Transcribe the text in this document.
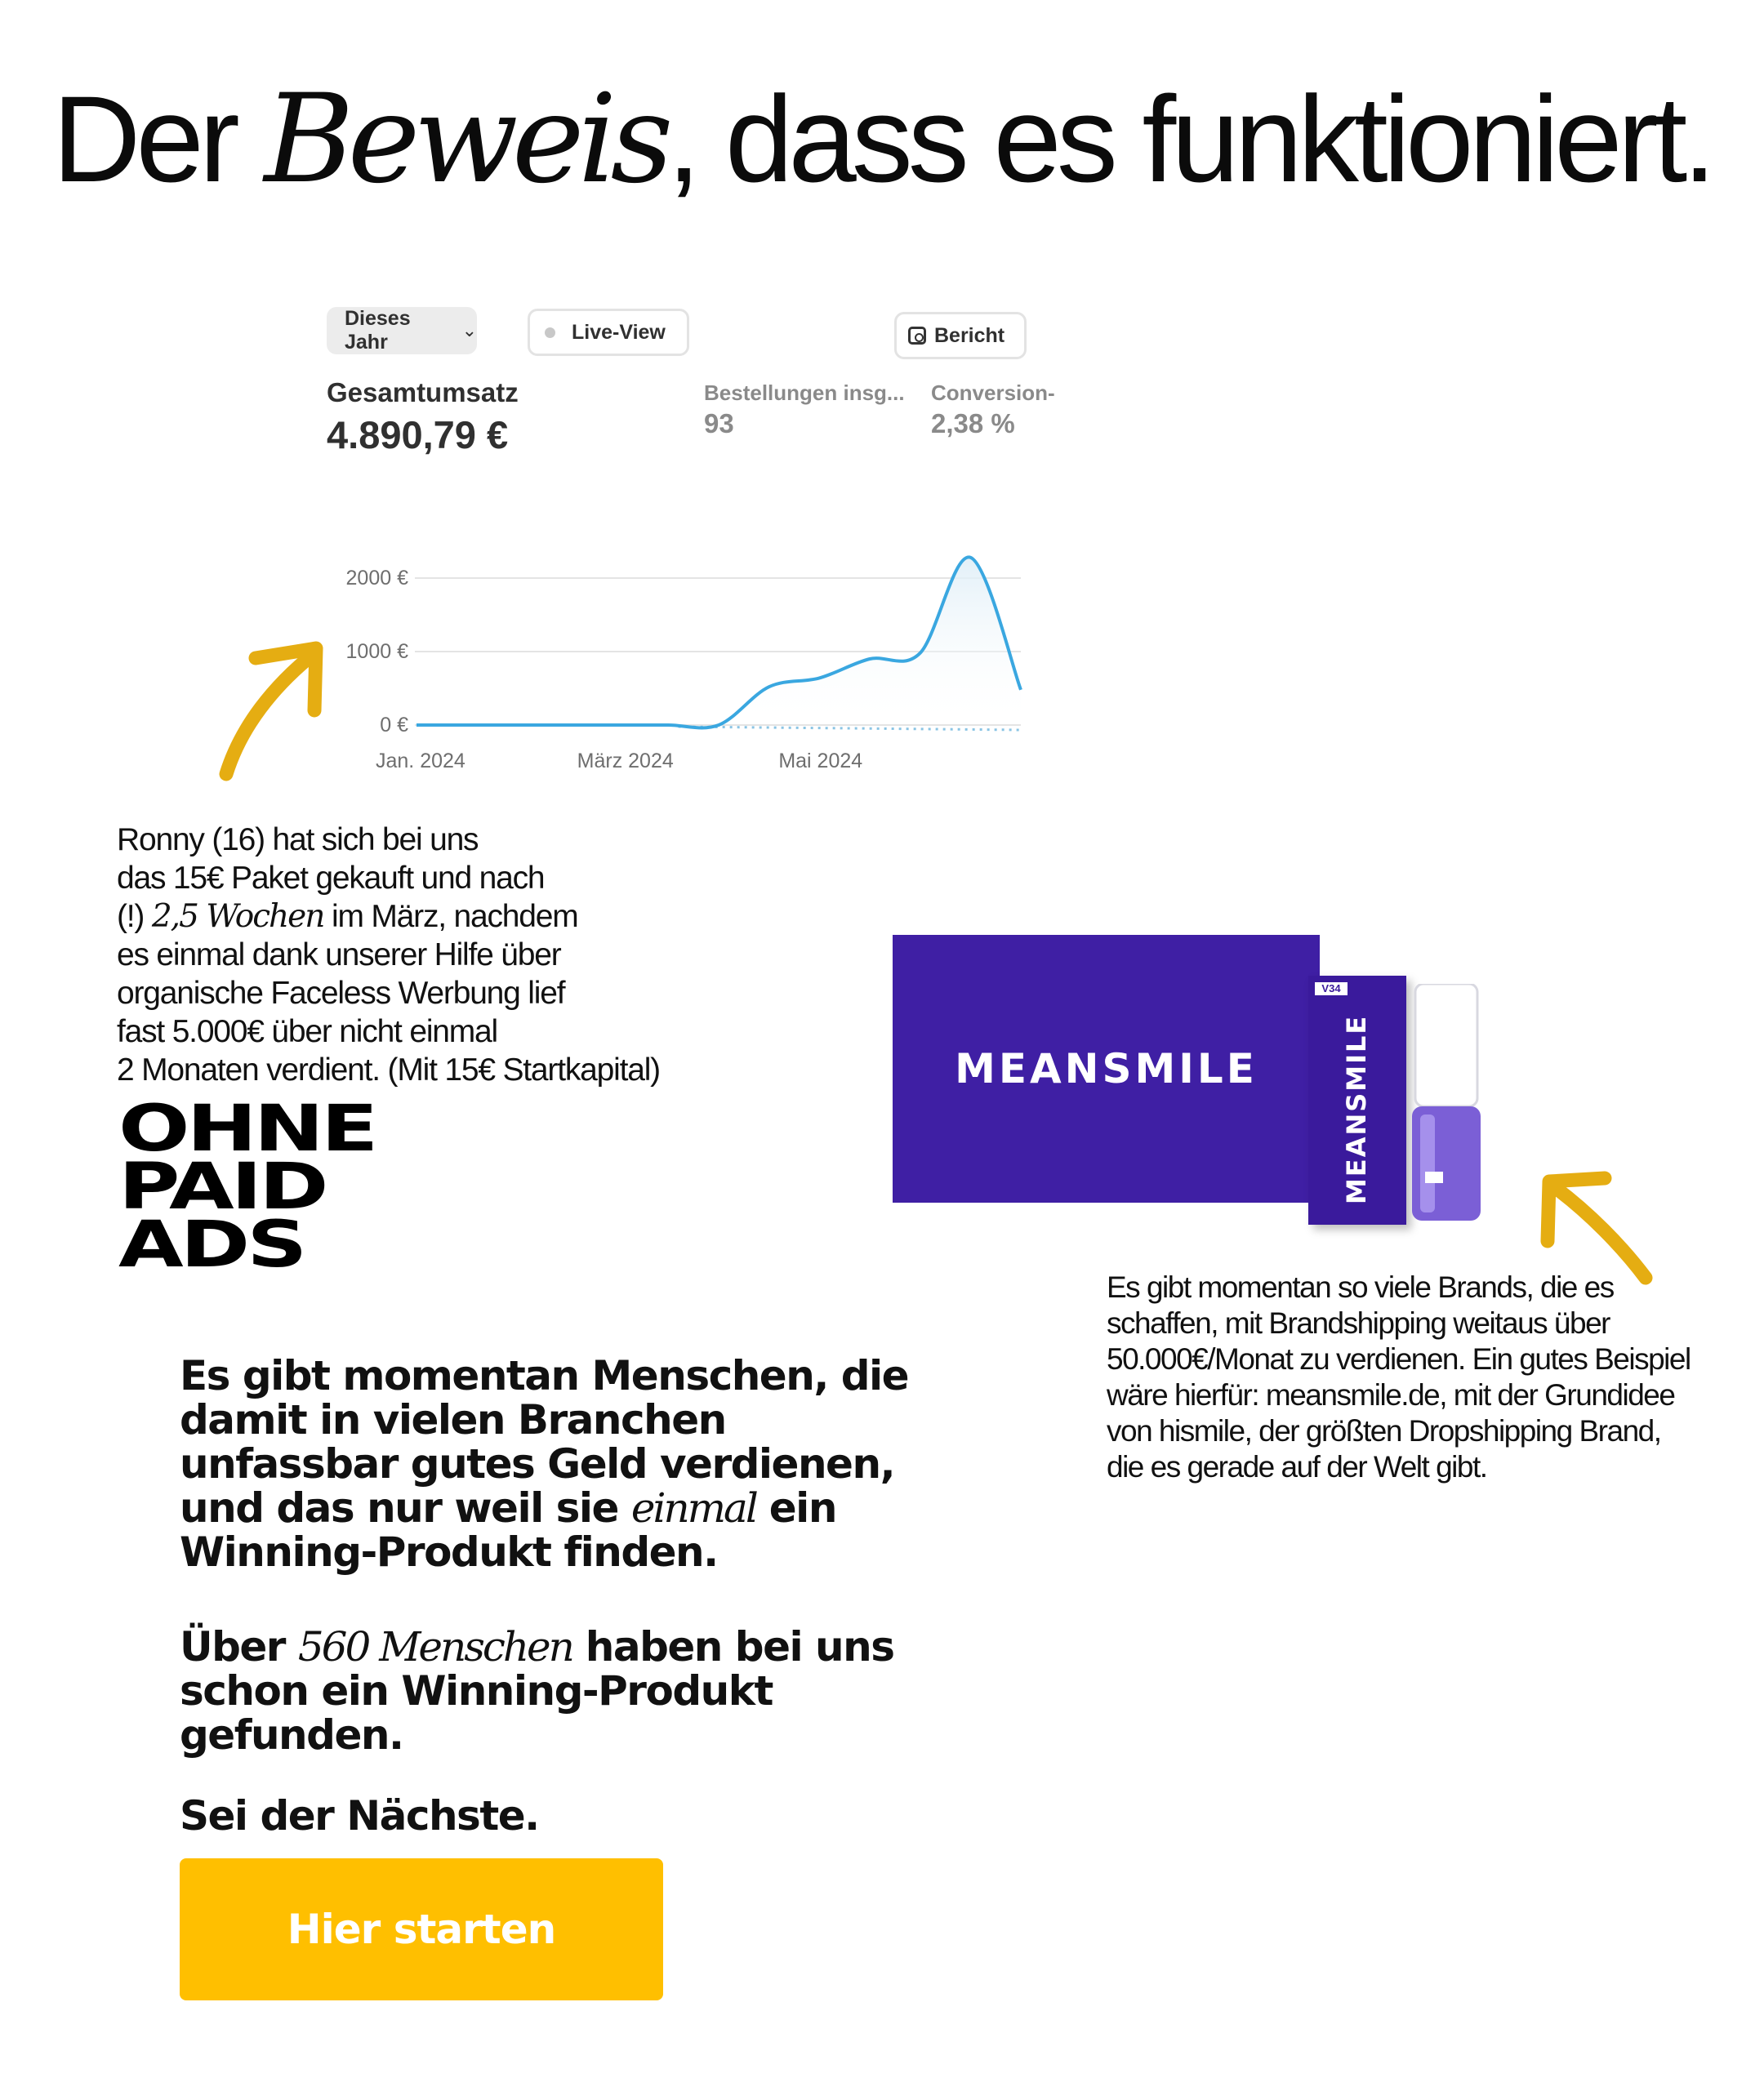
Der Beweis, dass es funktioniert.
Dieses Jahr
⌄	Live-View	Bericht
Gesamtumsatz
4.890,79 €
Bestellungen insg...
93
Conversion-
2,38 %
0 €
1000 €
2000 €
Jan. 2024	März 2024	Mai 2024
Ronny (16) hat sich bei uns
das 15€ Paket gekauft und nach
(!) 2,5 Wochen im März, nachdem
es einmal dank unserer Hilfe über
organische Faceless Werbung lief
fast 5.000€ über nicht einmal
2 Monaten verdient. (Mit 15€ Startkapital)
OHNE
PAID
ADS
Es gibt momentan Menschen, die damit in vielen Branchen unfassbar gutes Geld verdienen, und das nur weil sie einmal ein Winning-Produkt finden.
Über 560 Menschen haben bei uns schon ein Winning-Produkt gefunden.
Sei der Nächste.
Hier starten
MEANSMILE
V34
MEANSMILE
Es gibt momentan so viele Brands, die es schaffen, mit Brandshipping weitaus über 50.000€/Monat zu verdienen. Ein gutes Beispiel wäre hierfür: meansmile.de, mit der Grundidee von hismile, der größten Dropshipping Brand, die es gerade auf der Welt gibt.
